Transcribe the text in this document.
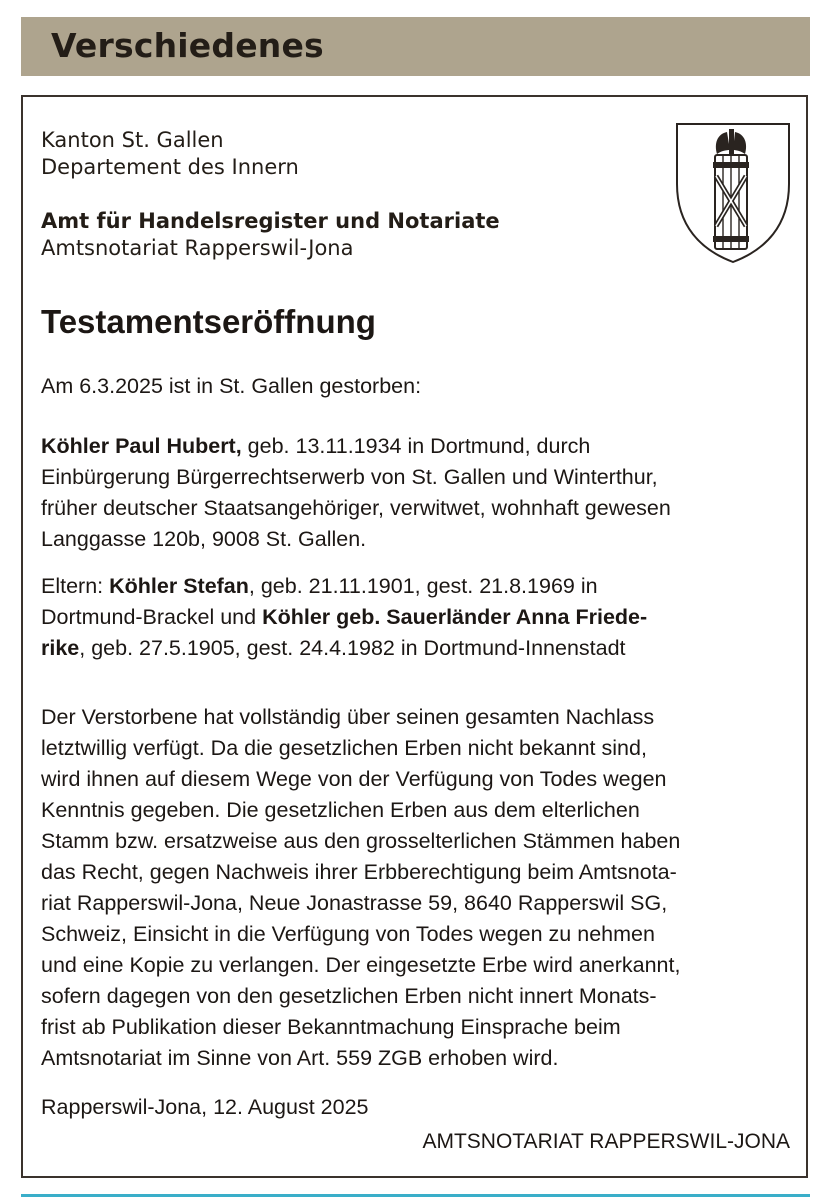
Verschiedenes
Kanton St. Gallen
Departement des Innern
Amt für Handelsregister und Notariate
Amtsnotariat Rapperswil-Jona
Testamentseröffnung
Am 6.3.2025 ist in St. Gallen gestorben:
Köhler Paul Hubert, geb. 13.11.1934 in Dortmund, durch
Einbürgerung Bürgerrechtserwerb von St. Gallen und Winterthur,
früher deutscher Staatsangehöriger, verwitwet, wohnhaft gewesen
Langgasse 120b, 9008 St. Gallen.
Eltern: Köhler Stefan, geb. 21.11.1901, gest. 21.8.1969 in
Dortmund-Brackel und Köhler geb. Sauerländer Anna Friede-
rike, geb. 27.5.1905, gest. 24.4.1982 in Dortmund-Innenstadt
Der Verstorbene hat vollständig über seinen gesamten Nachlass
letztwillig verfügt. Da die gesetzlichen Erben nicht bekannt sind,
wird ihnen auf diesem Wege von der Verfügung von Todes wegen
Kenntnis gegeben. Die gesetzlichen Erben aus dem elterlichen
Stamm bzw. ersatzweise aus den grosselterlichen Stämmen haben
das Recht, gegen Nachweis ihrer Erbberechtigung beim Amtsnota-
riat Rapperswil-Jona, Neue Jonastrasse 59, 8640 Rapperswil SG,
Schweiz, Einsicht in die Verfügung von Todes wegen zu nehmen
und eine Kopie zu verlangen. Der eingesetzte Erbe wird anerkannt,
sofern dagegen von den gesetzlichen Erben nicht innert Monats-
frist ab Publikation dieser Bekanntmachung Einsprache beim
Amtsnotariat im Sinne von Art. 559 ZGB erhoben wird.
Rapperswil-Jona, 12. August 2025
AMTSNOTARIAT RAPPERSWIL-JONA
